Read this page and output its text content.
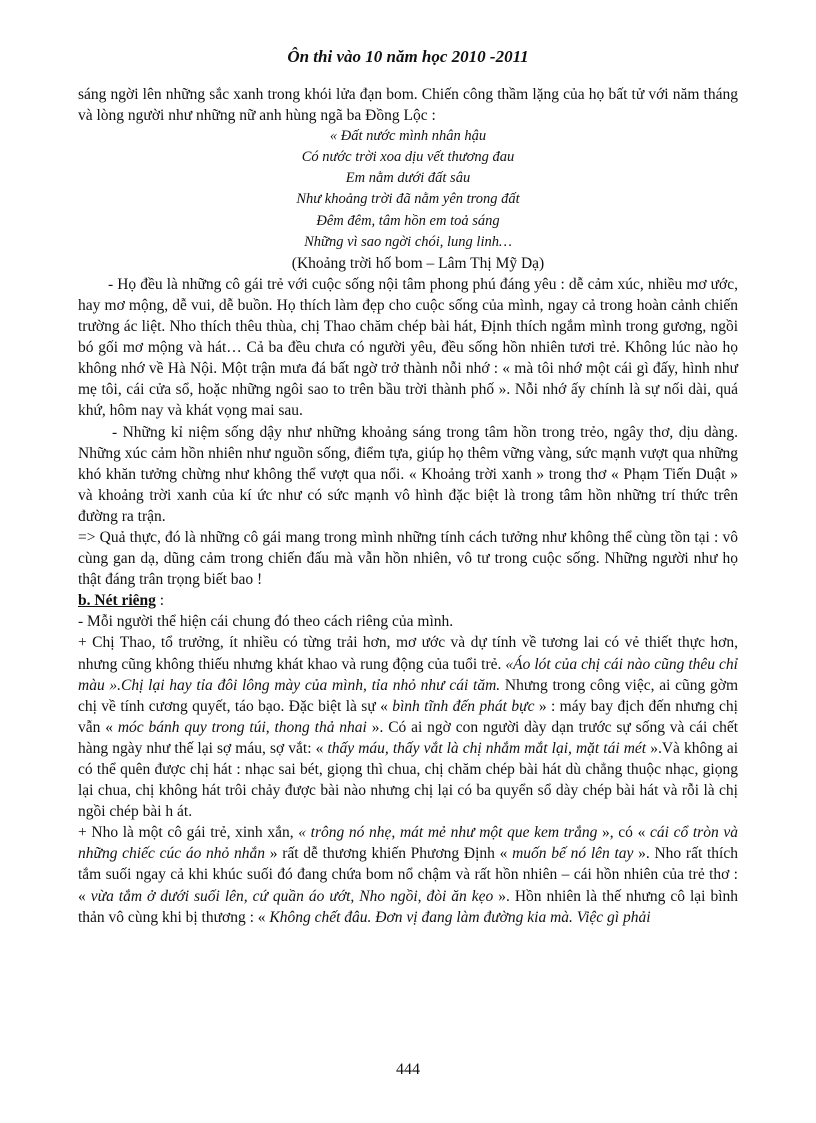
Ôn thi vào 10 năm học 2010 -2011

sáng ngời lên những sắc xanh trong khói lửa đạn bom. Chiến công thầm lặng của họ bất tử với năm tháng và lòng người như những nữ anh hùng ngã ba Đồng Lộc :

« Đất nước mình nhân hậu
Có nước trời xoa dịu vết thương đau
Em nằm dưới đất sâu
Như khoảng trời đã nằm yên trong đất
Đêm đêm, tâm hồn em toả sáng
Những vì sao ngời chói, lung linh…

(Khoảng trời hố bom – Lâm Thị Mỹ Dạ)

- Họ đều là những cô gái trẻ với cuộc sống nội tâm phong phú đáng yêu : dễ cảm xúc, nhiều mơ ước, hay mơ mộng, dễ vui, dễ buồn. Họ thích làm đẹp cho cuộc sống của mình, ngay cả trong hoàn cảnh chiến trường ác liệt. Nho thích thêu thùa, chị Thao chăm chép bài hát, Định thích ngắm mình trong gương, ngồi bó gối mơ mộng và hát… Cả ba đều chưa có người yêu, đều sống hồn nhiên tươi trẻ. Không lúc nào họ không nhớ về Hà Nội. Một trận mưa đá bất ngờ trở thành nỗi nhớ : « mà tôi nhớ một cái gì đấy, hình như mẹ tôi, cái cửa sổ, hoặc những ngôi sao to trên bầu trời thành phố ». Nỗi nhớ ấy chính là sự nối dài, quá khứ, hôm nay và khát vọng mai sau.

- Những kỉ niệm sống dậy như những khoảng sáng trong tâm hồn trong trẻo, ngây thơ, dịu dàng. Những xúc cảm hồn nhiên như nguồn sống, điểm tựa, giúp họ thêm vững vàng, sức mạnh vượt qua những khó khăn tưởng chừng như không thể vượt qua nổi. « Khoảng trời xanh » trong thơ « Phạm Tiến Duật » và khoảng trời xanh của kí ức như có sức mạnh vô hình đặc biệt là trong tâm hồn những trí thức trên đường ra trận.

=> Quả thực, đó là những cô gái mang trong mình những tính cách tưởng như không thể cùng tồn tại : vô cùng gan dạ, dũng cảm trong chiến đấu mà vẫn hồn nhiên, vô tư trong cuộc sống. Những người như họ thật đáng trân trọng biết bao !

b. Nét riêng :

- Mỗi người thể hiện cái chung đó theo cách riêng của mình.

+ Chị Thao, tổ trưởng, ít nhiều có từng trải hơn, mơ ước và dự tính về tương lai có vẻ thiết thực hơn, nhưng cũng không thiếu nhưng khát khao và rung động của tuổi trẻ. «Áo lót của chị cái nào cũng thêu chỉ màu ».Chị lại hay tỉa đôi lông mày của mình, tỉa nhỏ như cái tăm. Nhưng trong công việc, ai cũng gờm chị về tính cương quyết, táo bạo. Đặc biệt là sự « bình tĩnh đến phát bực » : máy bay địch đến nhưng chị vẫn « móc bánh quy trong túi, thong thả nhai ». Có ai ngờ con người dày dạn trước sự sống và cái chết hàng ngày như thế lại sợ máu, sợ vắt: « thấy máu, thấy vắt là chị nhắm mắt lại, mặt tái mét ».Và không ai có thể quên được chị hát : nhạc sai bét, giọng thì chua, chị chăm chép bài hát dù chẳng thuộc nhạc, giọng lại chua, chị không hát trôi chảy được bài nào nhưng chị lại có ba quyển sổ dày chép bài hát và rỗi là chị ngồi chép bài h át.

+ Nho là một cô gái trẻ, xinh xắn, « trông nó nhẹ, mát mẻ như một que kem trắng », có « cái cổ tròn và những chiếc cúc áo nhỏ nhắn » rất dễ thương khiến Phương Định « muốn bế nó lên tay ». Nho rất thích tắm suối ngay cả khi khúc suối đó đang chứa bom nổ chậm và rất hồn nhiên – cái hồn nhiên của trẻ thơ : « vừa tắm ở dưới suối lên, cứ quần áo ướt, Nho ngồi, đòi ăn kẹo ». Hồn nhiên là thế nhưng cô lại bình thản vô cùng khi bị thương : « Không chết đâu. Đơn vị đang làm đường kia mà. Việc gì phải

444
